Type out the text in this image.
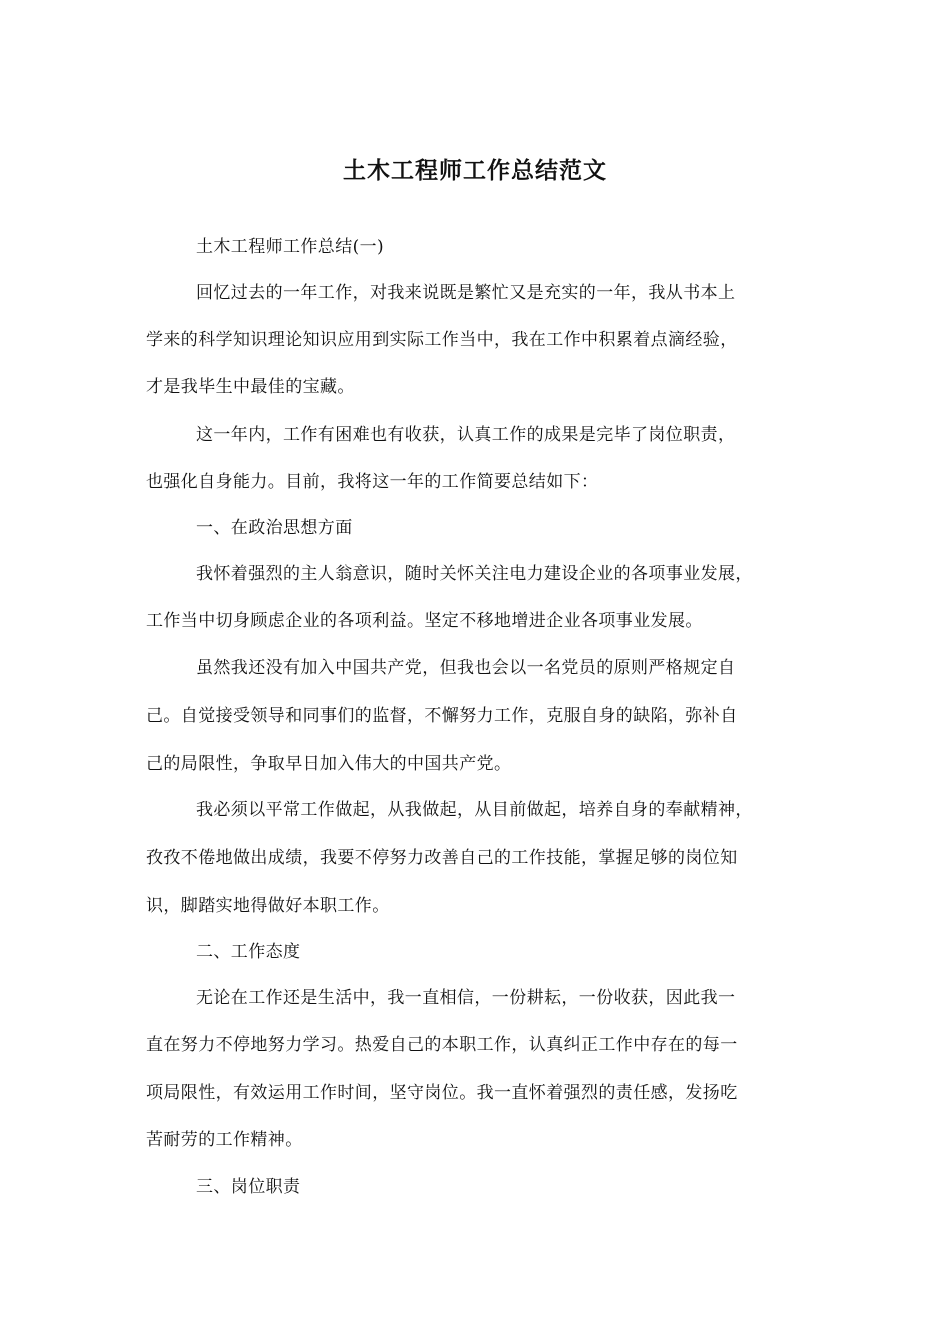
土木工程师工作总结范文
土木工程师工作总结(一)
回忆过去的一年工作，对我来说既是繁忙又是充实的一年，我从书本上
学来的科学知识理论知识应用到实际工作当中，我在工作中积累着点滴经验，
才是我毕生中最佳的宝藏。
这一年内，工作有困难也有收获，认真工作的成果是完毕了岗位职责，
也强化自身能力。目前，我将这一年的工作简要总结如下：
一、在政治思想方面
我怀着强烈的主人翁意识，随时关怀关注电力建设企业的各项事业发展，
工作当中切身顾虑企业的各项利益。坚定不移地增进企业各项事业发展。
虽然我还没有加入中国共产党，但我也会以一名党员的原则严格规定自
己。自觉接受领导和同事们的监督，不懈努力工作，克服自身的缺陷，弥补自
己的局限性，争取早日加入伟大的中国共产党。
我必须以平常工作做起，从我做起，从目前做起，培养自身的奉献精神，
孜孜不倦地做出成绩，我要不停努力改善自己的工作技能，掌握足够的岗位知
识，脚踏实地得做好本职工作。
二、工作态度
无论在工作还是生活中，我一直相信，一份耕耘，一份收获，因此我一
直在努力不停地努力学习。热爱自己的本职工作，认真纠正工作中存在的每一
项局限性，有效运用工作时间，坚守岗位。我一直怀着强烈的责任感，发扬吃
苦耐劳的工作精神。
三、岗位职责
